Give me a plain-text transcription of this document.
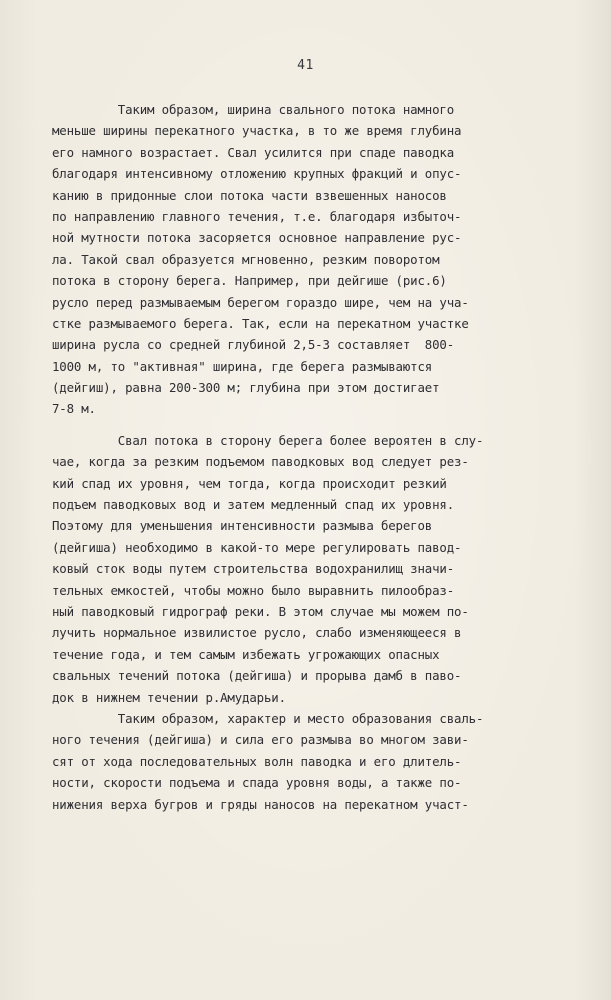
41
Таким образом, ширина свального потока намного
меньше ширины перекатного участка, в то же время глубина
его намного возрастает. Свал усилится при спаде паводка
благодаря интенсивному отложению крупных фракций и опус-
канию в придонные слои потока части взвешенных наносов
по направлению главного течения, т.е. благодаря избыточ-
ной мутности потока засоряется основное направление рус-
ла. Такой свал образуется мгновенно, резким поворотом
потока в сторону берега. Например, при дейгише (рис.6)
русло перед размываемым берегом гораздо шире, чем на уча-
стке размываемого берега. Так, если на перекатном участке
ширина русла со средней глубиной 2,5-3 составляет  800-
1000 м, то "активная" ширина, где берега размываются
(дейгиш), равна 200-300 м; глубина при этом достигает
7-8 м.
Свал потока в сторону берега более вероятен в слу-
чае, когда за резким подъемом паводковых вод следует рез-
кий спад их уровня, чем тогда, когда происходит резкий
подъем паводковых вод и затем медленный спад их уровня.
Поэтому для уменьшения интенсивности размыва берегов
(дейгиша) необходимо в какой-то мере регулировать павод-
ковый сток воды путем строительства водохранилищ значи-
тельных емкостей, чтобы можно было выравнить пилообраз-
ный паводковый гидрограф реки. В этом случае мы можем по-
лучить нормальное извилистое русло, слабо изменяющееся в
течение года, и тем самым избежать угрожающих опасных
свальных течений потока (дейгиша) и прорыва дамб в паво-
док в нижнем течении р.Амударьи.
Таким образом, характер и место образования сваль-
ного течения (дейгиша) и сила его размыва во многом зави-
сят от хода последовательных волн паводка и его длитель-
ности, скорости подъема и спада уровня воды, а также по-
нижения верха бугров и гряды наносов на перекатном участ-
